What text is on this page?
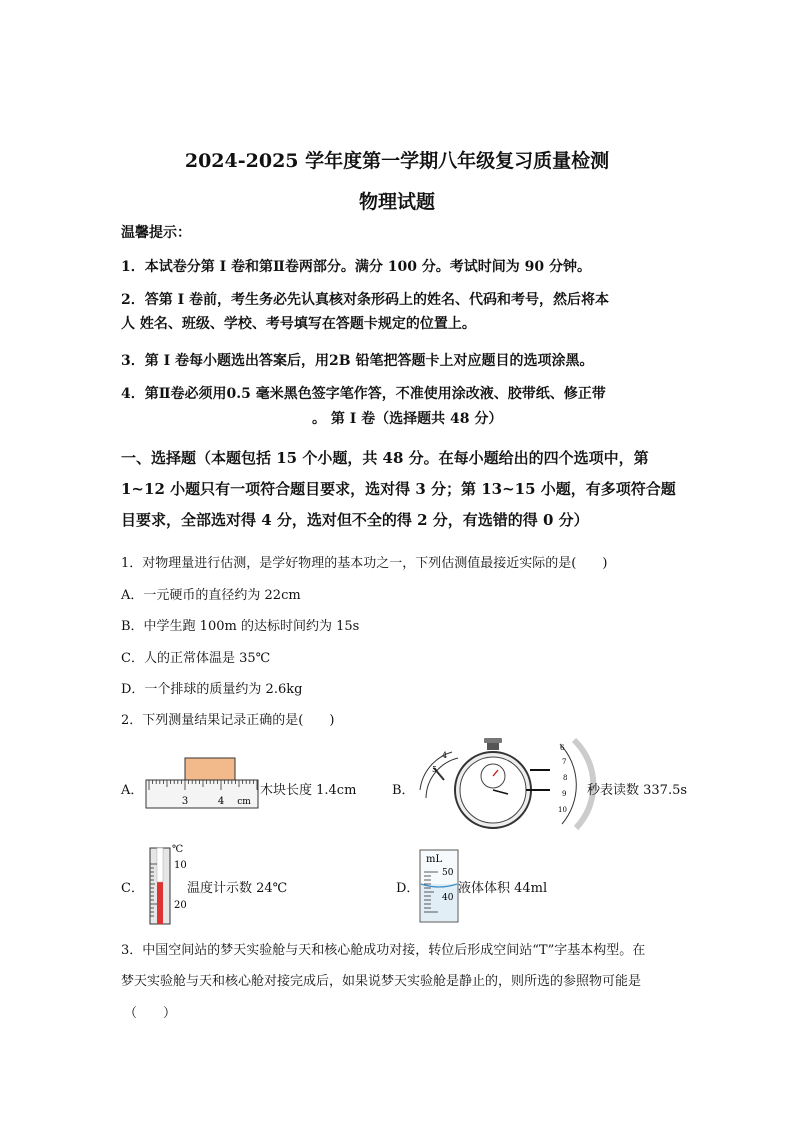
2024-2025 学年度第一学期八年级复习质量检测
物理试题
温馨提示：
1．本试卷分第 I 卷和第Ⅱ卷两部分。满分 100 分。考试时间为 90 分钟。
2．答第 I 卷前，考生务必先认真核对条形码上的姓名、代码和考号，然后将本
人 姓名、班级、学校、考号填写在答题卡规定的位置上。
3．第 I 卷每小题选出答案后，用2B 铅笔把答题卡上对应题目的选项涂黑。
4．第Ⅱ卷必须用0.5 毫米黑色签字笔作答，不准使用涂改液、胶带纸、修正带
。 第 I 卷（选择题共 48 分）
一、选择题（本题包括 15 个小题，共 48 分。在每小题给出的四个选项中，第
1~12 小题只有一项符合题目要求，选对得 3 分；第 13~15 小题，有多项符合题
目要求，全部选对得 4 分，选对但不全的得 2 分，有选错的得 0 分）
1．对物理量进行估测，是学好物理的基本功之一，下列估测值最接近实际的是(　　)
A．一元硬币的直径约为 22cm
B．中学生跑 100m 的达标时间约为 15s
C．人的正常体温是 35℃
D．一个排球的质量约为 2.6kg
2．下列测量结果记录正确的是(　　)
A．
3	4 cm
木块长度 1.4cm	B．
4
5
6
7
8
9
10
秒表读数 337.5s
C．
℃
10
20
温度计示数 24℃	D．
mL
50
40
液体体积 44ml
3．中国空间站的梦天实验舱与天和核心舱成功对接，转位后形成空间站“T”字基本构型。在
梦天实验舱与天和核心舱对接完成后，如果说梦天实验舱是静止的，则所选的参照物可能是
（　　）
